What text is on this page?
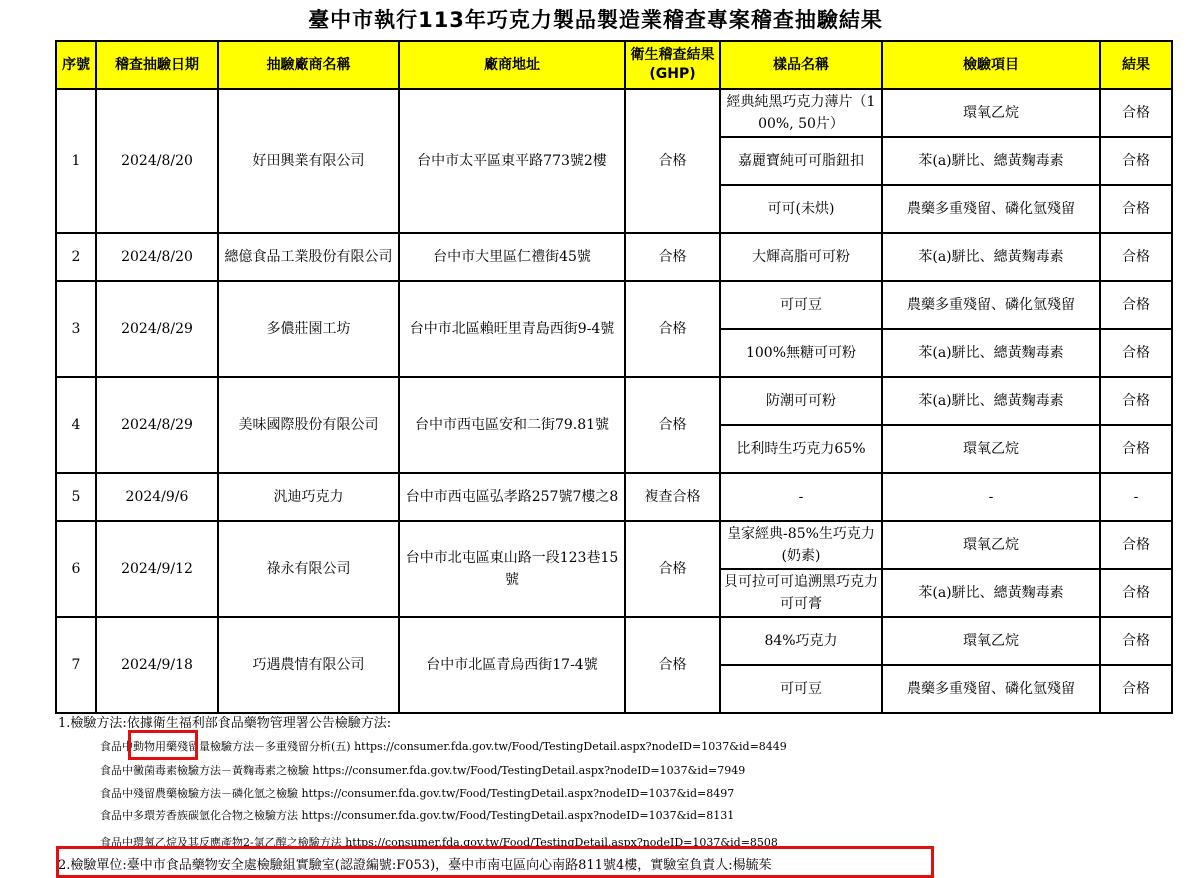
臺中市執行113年巧克力製品製造業稽查專案稽查抽驗結果
序號	稽查抽驗日期	抽驗廠商名稱	廠商地址	衛生稽查結果(GHP)	樣品名稱	檢驗項目	結果
1	2024/8/20	好田興業有限公司	台中市太平區東平路773號2樓	合格	經典純黑巧克力薄片（100%, 50片）	環氧乙烷	合格
					嘉麗寶純可可脂鈕扣	苯(a)駢比、總黃麴毒素	合格
					可可(未烘)	農藥多重殘留、磷化氫殘留	合格
2	2024/8/20	總億食品工業股份有限公司	台中市大里區仁禮街45號	合格	大輝高脂可可粉	苯(a)駢比、總黃麴毒素	合格
3	2024/8/29	多儂莊園工坊	台中市北區賴旺里青島西街9-4號	合格	可可豆	農藥多重殘留、磷化氫殘留	合格
					100%無糖可可粉	苯(a)駢比、總黃麴毒素	合格
4	2024/8/29	美味國際股份有限公司	台中市西屯區安和二街79.81號	合格	防潮可可粉	苯(a)駢比、總黃麴毒素	合格
					比利時生巧克力65%	環氧乙烷	合格
5	2024/9/6	汎迪巧克力	台中市西屯區弘孝路257號7樓之8	複查合格	-	-	-
6	2024/9/12	祿永有限公司	台中市北屯區東山路一段123巷15號	合格	皇家經典-85%生巧克力(奶素)	環氧乙烷	合格
					貝可拉可可追溯黑巧克力可可膏	苯(a)駢比、總黃麴毒素	合格
7	2024/9/18	巧遇農情有限公司	台中市北區青烏西街17-4號	合格	84%巧克力	環氧乙烷	合格
					可可豆	農藥多重殘留、磷化氫殘留	合格
1.檢驗方法:依據衛生福利部食品藥物管理署公告檢驗方法:
食品中動物用藥殘留量檢驗方法－多重殘留分析(五) https://consumer.fda.gov.tw/Food/TestingDetail.aspx?nodeID=1037&id=8449
食品中黴菌毒素檢驗方法－黃麴毒素之檢驗 https://consumer.fda.gov.tw/Food/TestingDetail.aspx?nodeID=1037&id=7949
食品中殘留農藥檢驗方法－磷化氫之檢驗 https://consumer.fda.gov.tw/Food/TestingDetail.aspx?nodeID=1037&id=8497
食品中多環芳香族碳氫化合物之檢驗方法 https://consumer.fda.gov.tw/Food/TestingDetail.aspx?nodeID=1037&id=8131
食品中環氧乙烷及其反應產物2-氯乙醇之檢驗方法 https://consumer.fda.gov.tw/Food/TestingDetail.aspx?nodeID=1037&id=8508
2.檢驗單位:臺中市食品藥物安全處檢驗組實驗室(認證編號:F053)，臺中市南屯區向心南路811號4樓，實驗室負責人:楊毓茱
